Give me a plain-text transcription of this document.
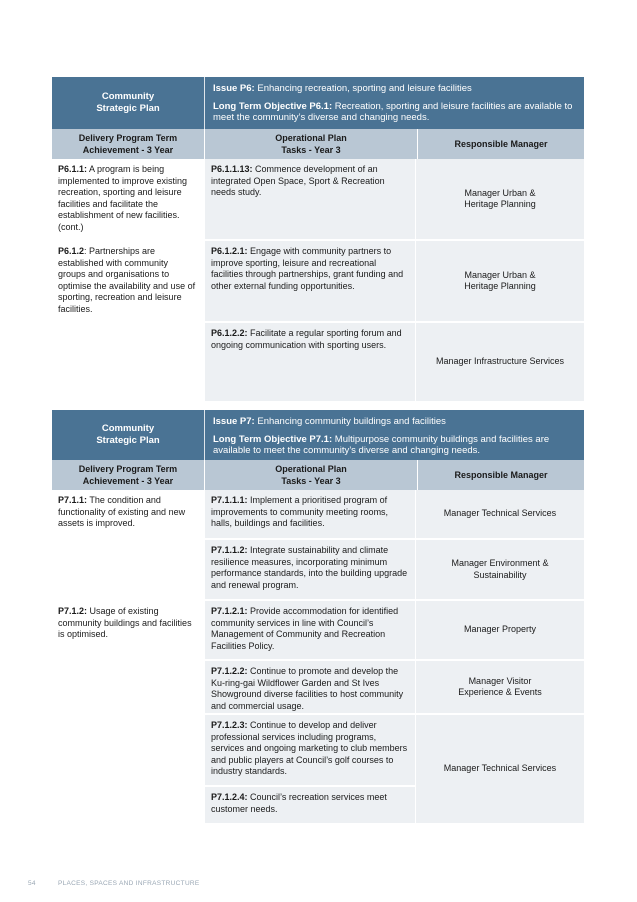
Community Strategic Plan
Issue P6: Enhancing recreation, sporting and leisure facilities
Long Term Objective P6.1: Recreation, sporting and leisure facilities are available to meet the community’s diverse and changing needs.
Delivery Program Term Achievement - 3 Year
Operational Plan Tasks - Year 3
Responsible Manager
P6.1.1: A program is being implemented to improve existing recreation, sporting and leisure facilities and facilitate the establishment of new facilities. (cont.)
P6.1.1.13: Commence development of an integrated Open Space, Sport & Recreation needs study.	Manager Urban & Heritage Planning
P6.1.2: Partnerships are established with community groups and organisations to optimise the availability and use of sporting, recreation and leisure facilities.
P6.1.2.1: Engage with community partners to improve sporting, leisure and recreational facilities through partnerships, grant funding and other external funding opportunities.
Manager Urban & Heritage Planning
P6.1.2.2: Facilitate a regular sporting forum and ongoing communication with sporting users.
Manager Infrastructure Services
Community Strategic Plan
Issue P7: Enhancing community buildings and facilities
Long Term Objective P7.1: Multipurpose community buildings and facilities are available to meet the community’s diverse and changing needs.
Delivery Program Term Achievement - 3 Year
Operational Plan Tasks - Year 3
Responsible Manager
P7.1.1: The condition and functionality of existing and new assets is improved.
P7.1.1.1: Implement a prioritised program of improvements to community meeting rooms, halls, buildings and facilities.
Manager Technical Services
P7.1.1.2: Integrate sustainability and climate resilience measures, incorporating minimum performance standards, into the building upgrade and renewal program.
Manager Environment & Sustainability
P7.1.2: Usage of existing community buildings and facilities is optimised.
P7.1.2.1: Provide accommodation for identified community services in line with Council’s Management of Community and Recreation Facilities Policy.
Manager Property
P7.1.2.2: Continue to promote and develop the Ku-ring-gai Wildflower Garden and St Ives Showground diverse facilities to host community and commercial usage.
Manager Visitor Experience & Events
P7.1.2.3: Continue to develop and deliver professional services including programs, services and ongoing marketing to club members and public players at Council’s golf courses to industry standards.
P7.1.2.4: Council’s recreation services meet customer needs.
Manager Technical Services
54	PLACES, SPACES AND INFRASTRUCTURE
